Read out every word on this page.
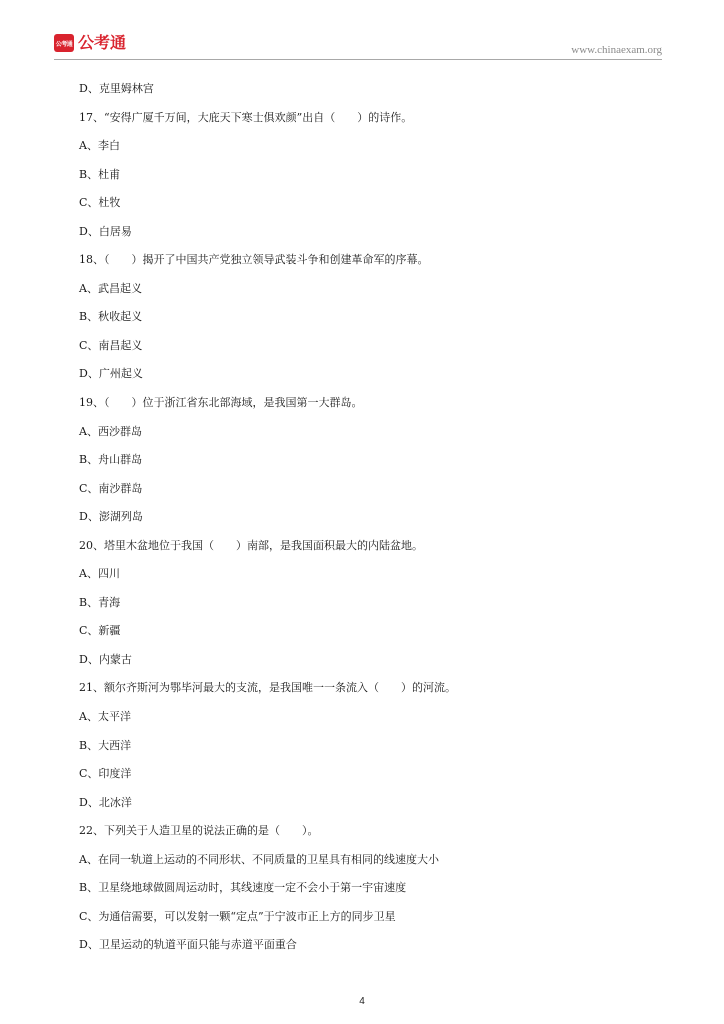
公考通 公考通	www.chinaexam.org
D、克里姆林宫
17、“安得广厦千万间，大庇天下寒士俱欢颜”出自（　　）的诗作。
A、李白
B、杜甫
C、杜牧
D、白居易
18、（　　）揭开了中国共产党独立领导武装斗争和创建革命军的序幕。
A、武昌起义
B、秋收起义
C、南昌起义
D、广州起义
19、（　　）位于浙江省东北部海域，是我国第一大群岛。
A、西沙群岛
B、舟山群岛
C、南沙群岛
D、澎湖列岛
20、塔里木盆地位于我国（　　）南部，是我国面积最大的内陆盆地。
A、四川
B、青海
C、新疆
D、内蒙古
21、额尔齐斯河为鄂毕河最大的支流，是我国唯一一条流入（　　）的河流。
A、太平洋
B、大西洋
C、印度洋
D、北冰洋
22、下列关于人造卫星的说法正确的是（　　）。
A、在同一轨道上运动的不同形状、不同质量的卫星具有相同的线速度大小
B、卫星绕地球做圆周运动时，其线速度一定不会小于第一宇宙速度
C、为通信需要，可以发射一颗“定点”于宁波市正上方的同步卫星
D、卫星运动的轨道平面只能与赤道平面重合
4
